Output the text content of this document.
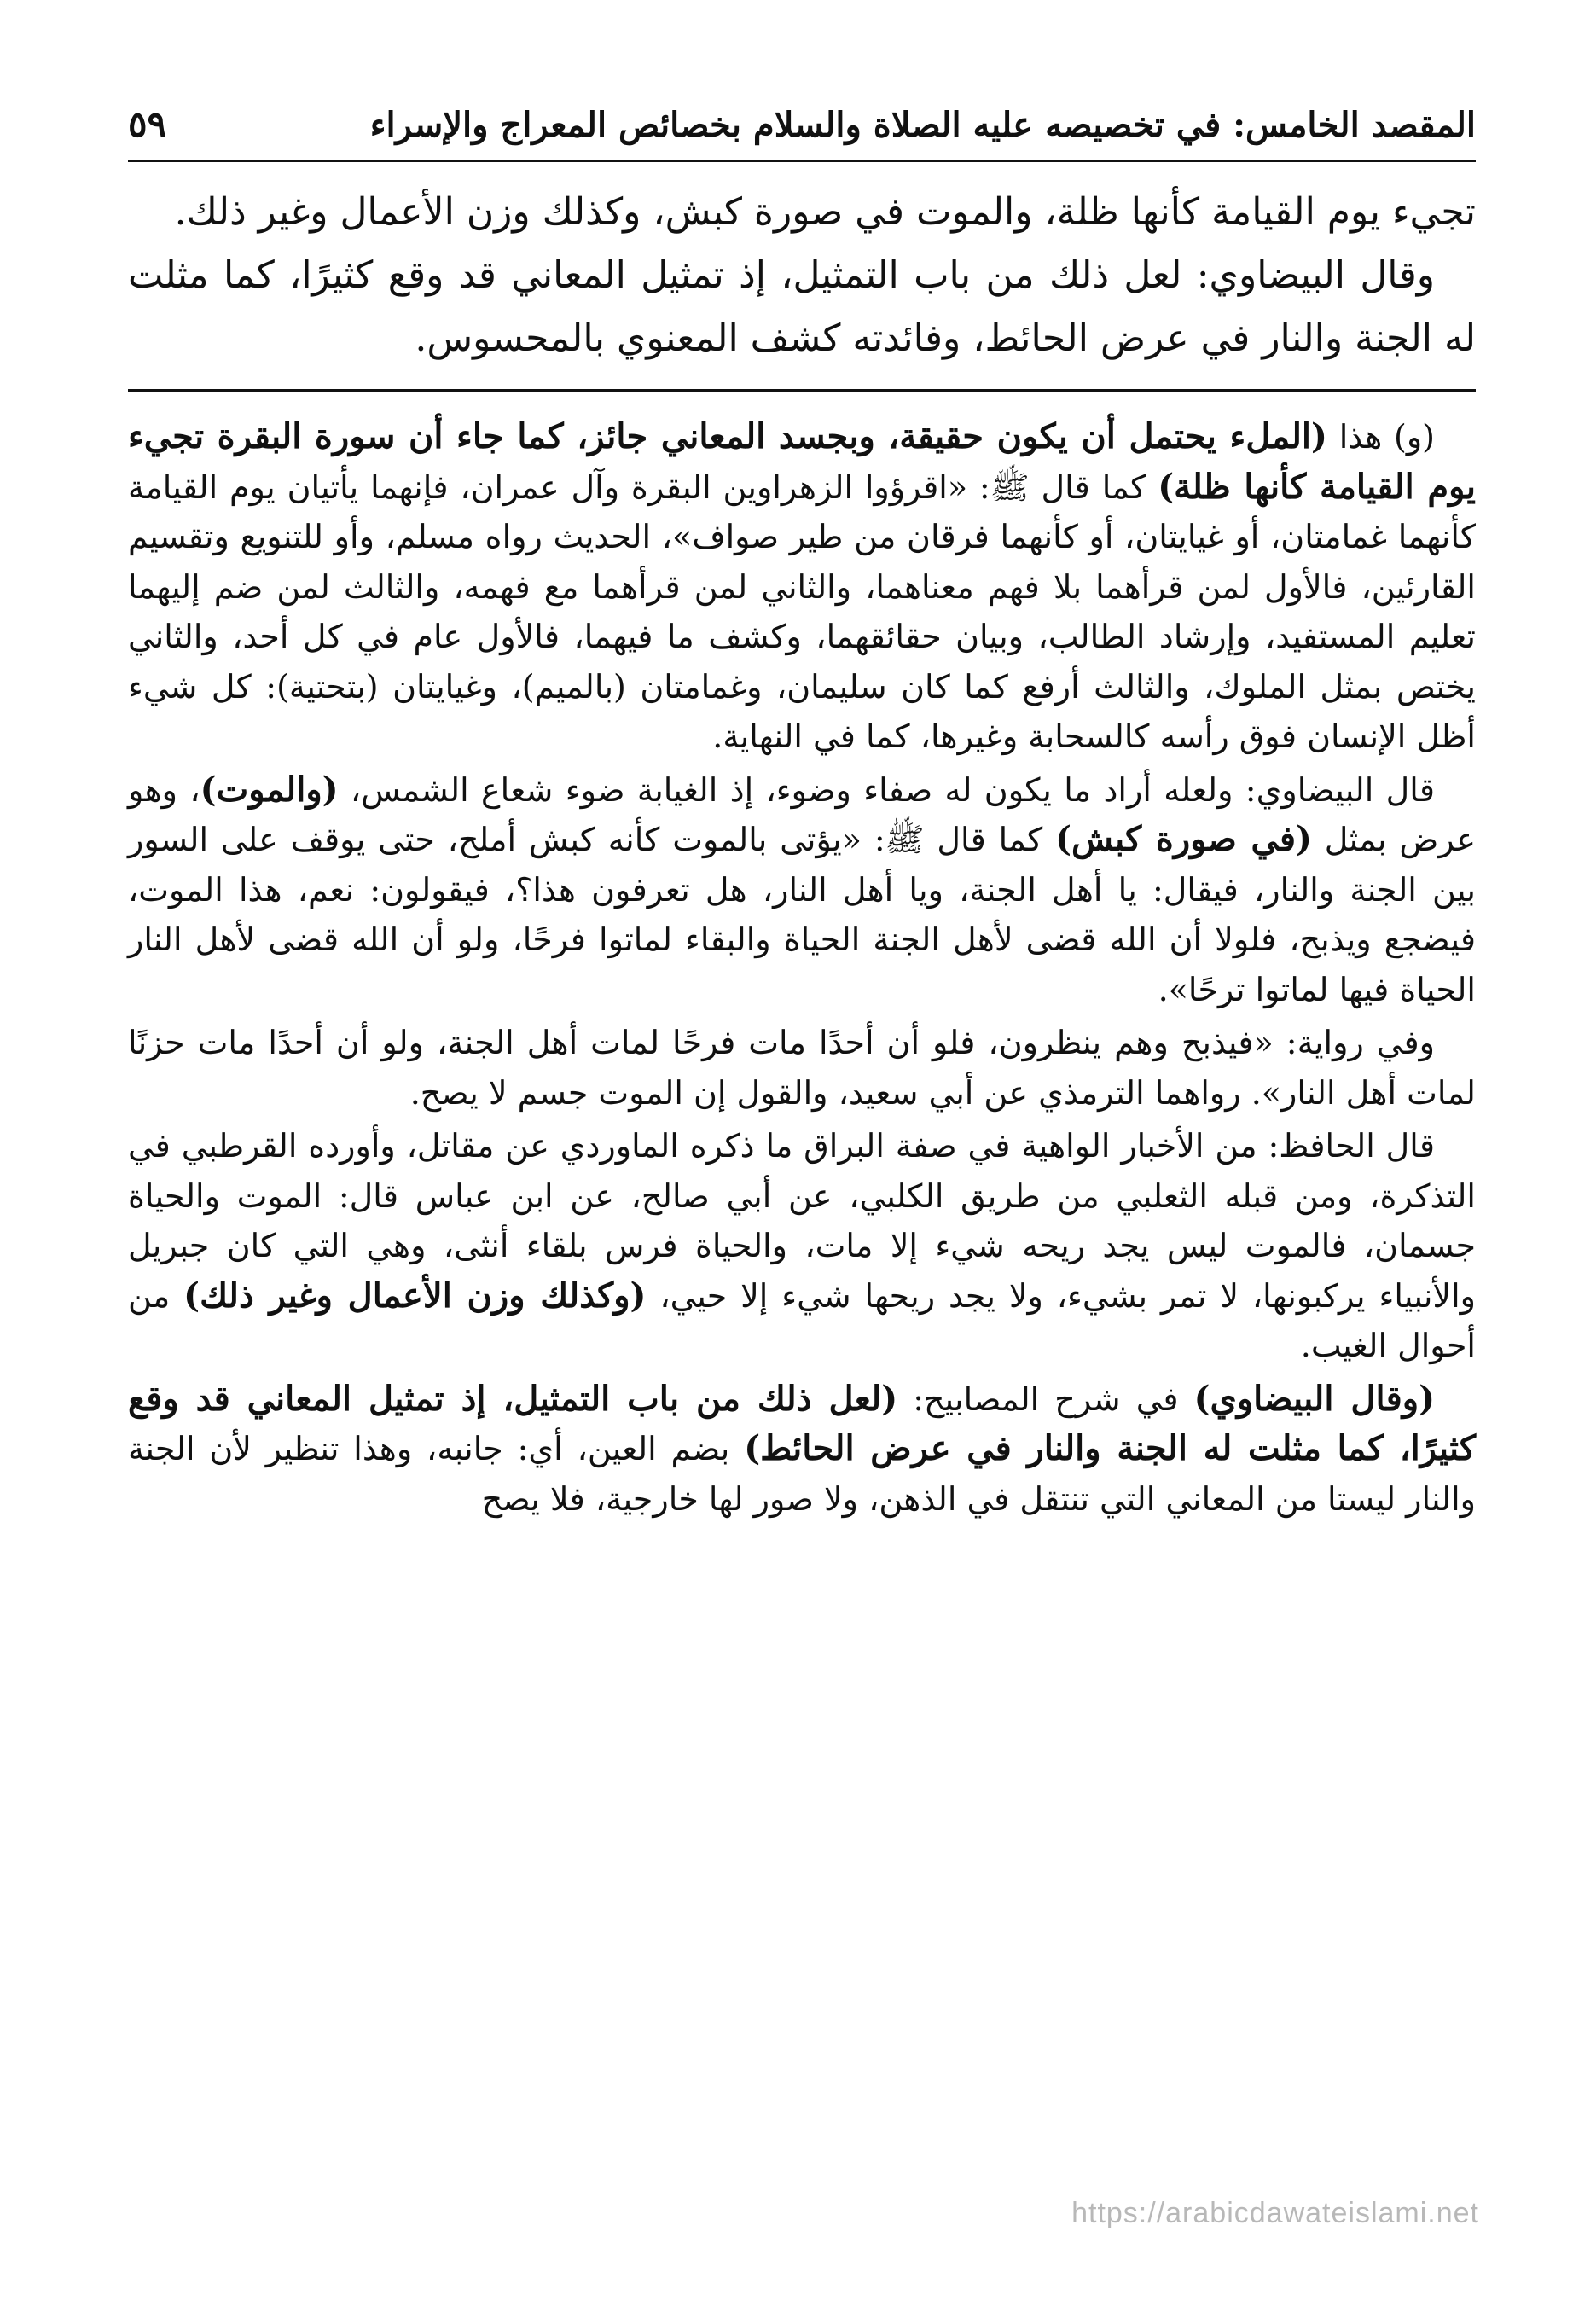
المقصد الخامس: في تخصيصه عليه الصلاة والسلام بخصائص المعراج والإسراء
٥٩

تجيء يوم القيامة كأنها ظلة، والموت في صورة كبش، وكذلك وزن الأعمال وغير ذلك.

وقال البيضاوي: لعل ذلك من باب التمثيل، إذ تمثيل المعاني قد وقع كثيرًا، كما مثلت له الجنة والنار في عرض الحائط، وفائدته كشف المعنوي بالمحسوس.

(و) هذا (الملء يحتمل أن يكون حقيقة، وبجسد المعاني جائز، كما جاء أن سورة البقرة تجيء يوم القيامة كأنها ظلة) كما قال ﷺ: «اقرؤوا الزهراوين البقرة وآل عمران، فإنهما يأتيان يوم القيامة كأنهما غمامتان، أو غيايتان، أو كأنهما فرقان من طير صواف»، الحديث رواه مسلم، وأو للتنويع وتقسيم القارئين، فالأول لمن قرأهما بلا فهم معناهما، والثاني لمن قرأهما مع فهمه، والثالث لمن ضم إليهما تعليم المستفيد، وإرشاد الطالب، وبيان حقائقهما، وكشف ما فيهما، فالأول عام في كل أحد، والثاني يختص بمثل الملوك، والثالث أرفع كما كان سليمان، وغمامتان (بالميم)، وغيايتان (بتحتية): كل شيء أظل الإنسان فوق رأسه كالسحابة وغيرها، كما في النهاية.

قال البيضاوي: ولعله أراد ما يكون له صفاء وضوء، إذ الغيابة ضوء شعاع الشمس، (والموت)، وهو عرض بمثل (في صورة كبش) كما قال ﷺ: «يؤتى بالموت كأنه كبش أملح، حتى يوقف على السور بين الجنة والنار، فيقال: يا أهل الجنة، ويا أهل النار، هل تعرفون هذا؟، فيقولون: نعم، هذا الموت، فيضجع ويذبح، فلولا أن الله قضى لأهل الجنة الحياة والبقاء لماتوا فرحًا، ولو أن الله قضى لأهل النار الحياة فيها لماتوا ترحًا».

وفي رواية: «فيذبح وهم ينظرون، فلو أن أحدًا مات فرحًا لمات أهل الجنة، ولو أن أحدًا مات حزنًا لمات أهل النار». رواهما الترمذي عن أبي سعيد، والقول إن الموت جسم لا يصح.

قال الحافظ: من الأخبار الواهية في صفة البراق ما ذكره الماوردي عن مقاتل، وأورده القرطبي في التذكرة، ومن قبله الثعلبي من طريق الكلبي، عن أبي صالح، عن ابن عباس قال: الموت والحياة جسمان، فالموت ليس يجد ريحه شيء إلا مات، والحياة فرس بلقاء أنثى، وهي التي كان جبريل والأنبياء يركبونها، لا تمر بشيء، ولا يجد ريحها شيء إلا حيي، (وكذلك وزن الأعمال وغير ذلك) من أحوال الغيب.

(وقال البيضاوي) في شرح المصابيح: (لعل ذلك من باب التمثيل، إذ تمثيل المعاني قد وقع كثيرًا، كما مثلت له الجنة والنار في عرض الحائط) بضم العين، أي: جانبه، وهذا تنظير لأن الجنة والنار ليستا من المعاني التي تنتقل في الذهن، ولا صور لها خارجية، فلا يصح

https://arabicdawateislami.net
